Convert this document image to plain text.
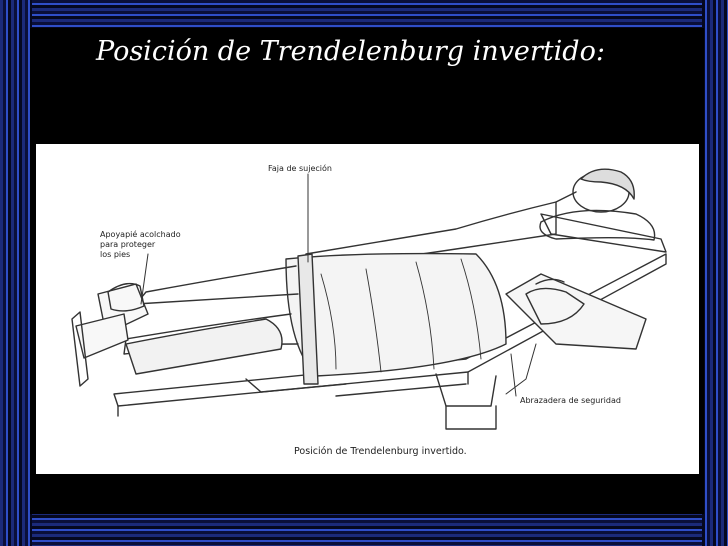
Posición de Trendelenburg invertido:
Faja de sujeción
Apoyapié acolchado
para proteger
los pies
Abrazadera de seguridad
Posición de Trendelenburg invertido.
